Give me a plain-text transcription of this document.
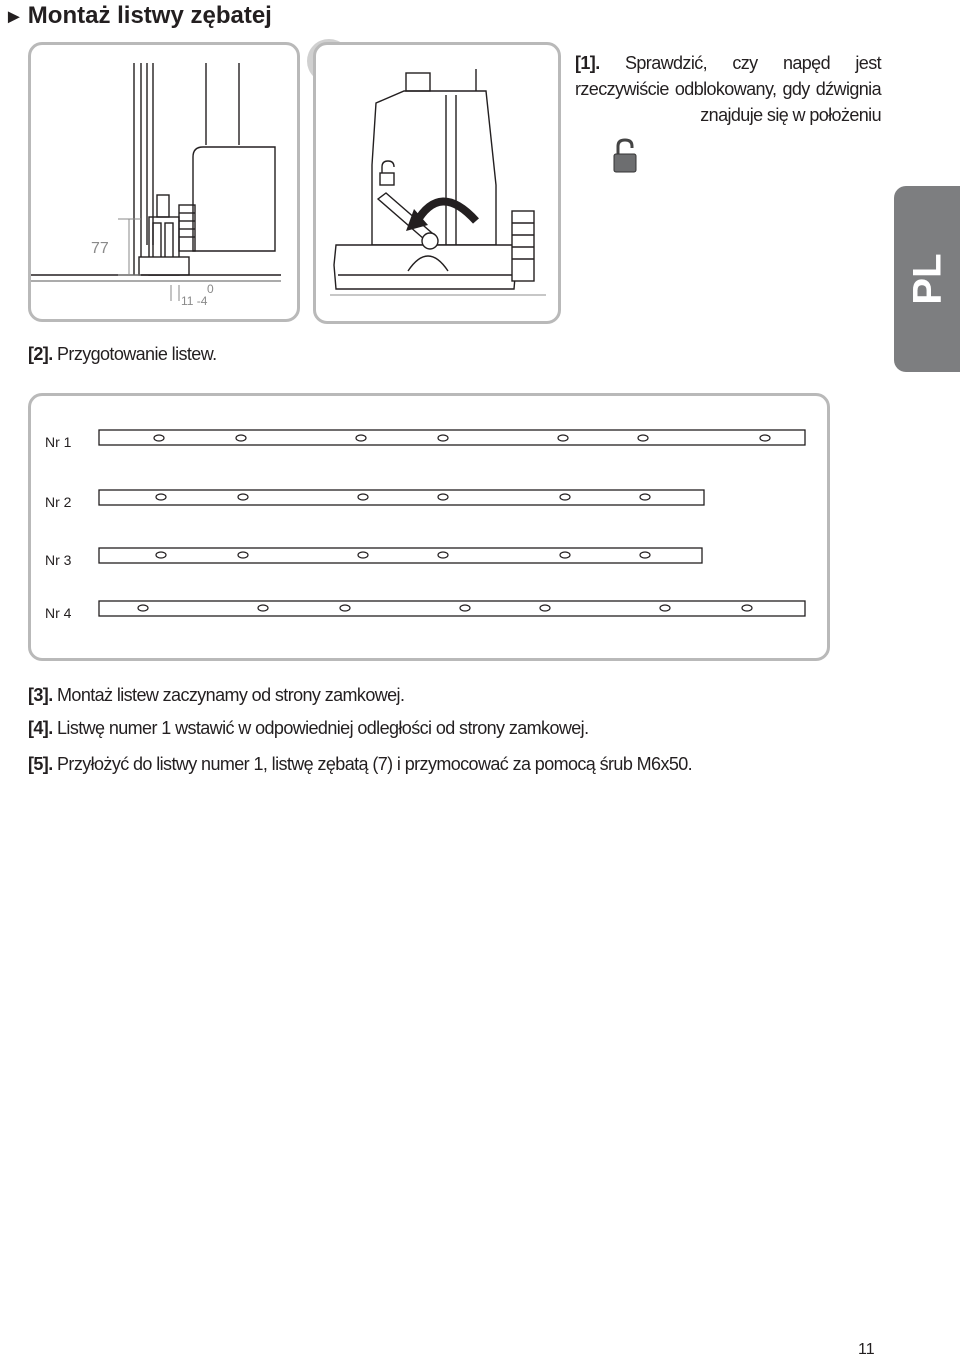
► Montaż listwy zębatej
77
0
11 -4
[1]. Sprawdzić, czy napęd jest rzeczywiście odblokowany, gdy dźwignia znajduje się w położeniu
PL
[2]. Przygotowanie listew.
Nr 1
Nr 2
Nr 3
Nr 4
[3]. Montaż listew zaczynamy od strony zamkowej.
[4]. Listwę numer 1 wstawić w odpowiedniej odległości od strony zamkowej.
[5]. Przyłożyć do listwy numer 1, listwę zębatą (7) i przymocować za pomocą śrub M6x50.
11
